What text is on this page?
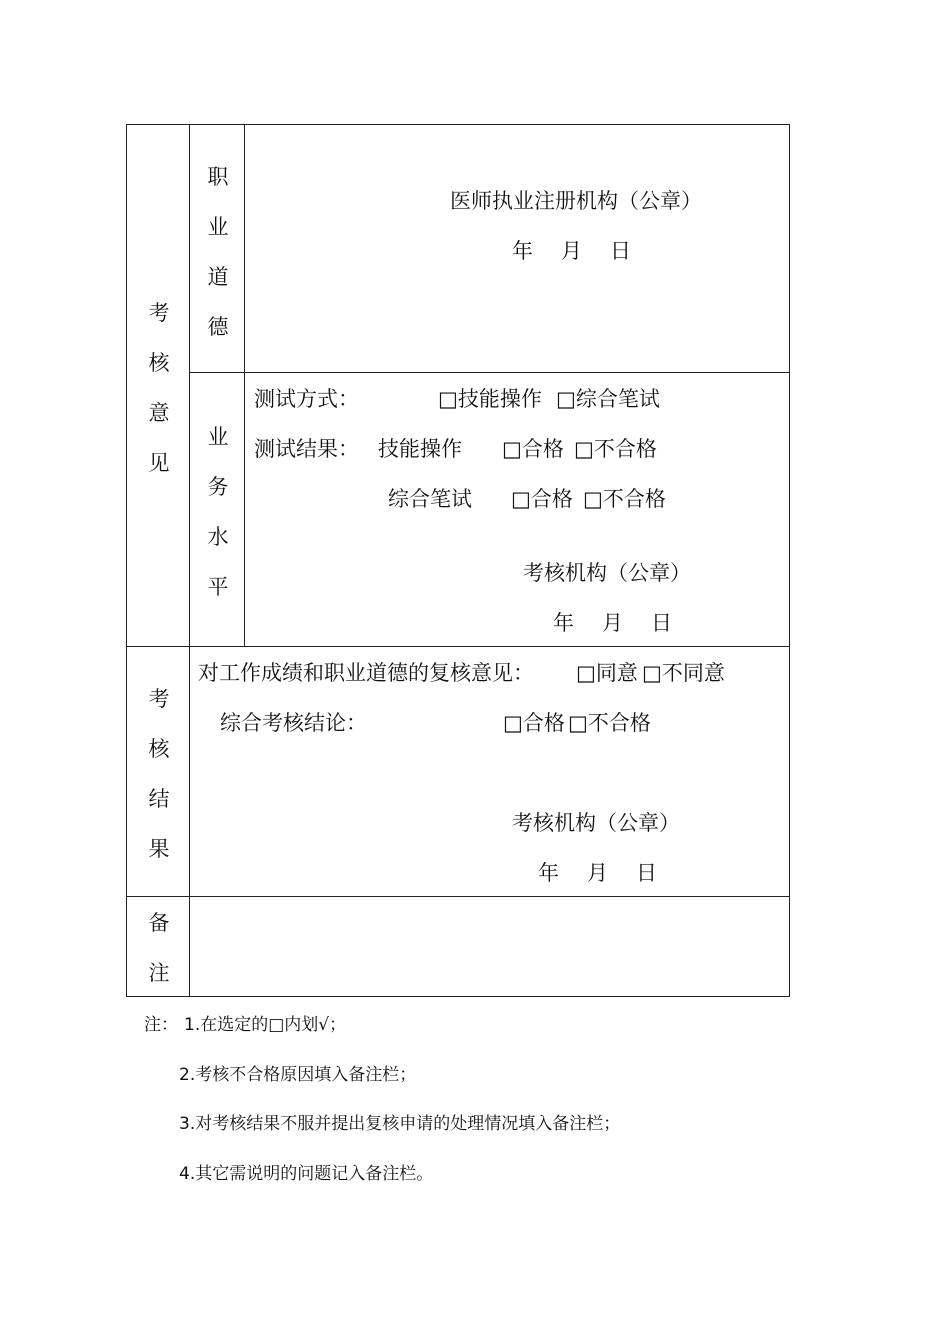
考
核
意
见
职
业
道
德
医师执业注册机构（公章）
年 月 日
业
务
水
平
测试方式：	□技能操作 □综合笔试
测试结果： 技能操作 □合格 □不合格
综合笔试 □合格 □不合格
考核机构（公章）
年 月 日
考
核
结
果
对工作成绩和职业道德的复核意见： □同意 □不同意
综合考核结论：	□合格 □不合格
考核机构（公章）
年 月 日
备
注
注： 1.在选定的□内划√；
2.考核不合格原因填入备注栏；
3.对考核结果不服并提出复核申请的处理情况填入备注栏；
4.其它需说明的问题记入备注栏。
